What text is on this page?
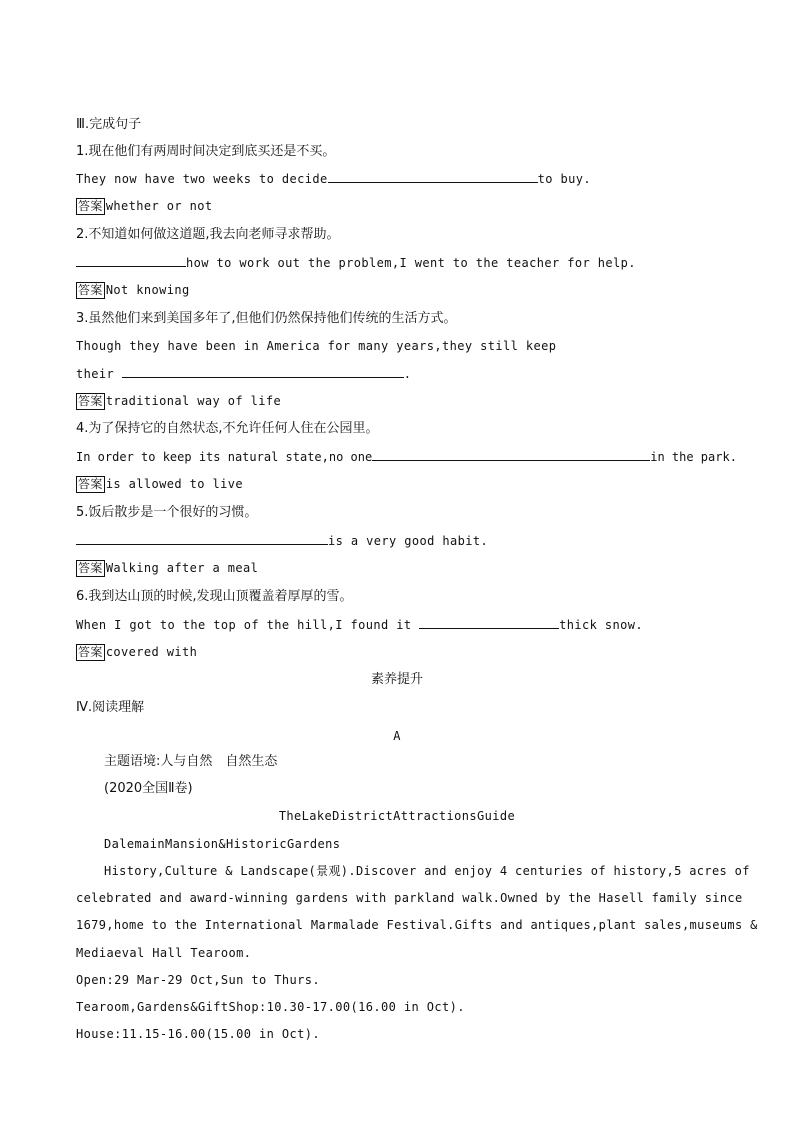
Ⅲ.完成句子
1.现在他们有两周时间决定到底买还是不买。
They now have two weeks to decide	to buy.
答案 whether or not
2.不知道如何做这道题,我去向老师寻求帮助。
how to work out the problem,I went to the teacher for help.
答案 Not knowing
3.虽然他们来到美国多年了,但他们仍然保持他们传统的生活方式。
Though they have been in America for many years,they still keep
their	.
答案 traditional way of life
4.为了保持它的自然状态,不允许任何人住在公园里。
In order to keep its natural state,no one	in the park.
答案 is allowed to live
5.饭后散步是一个很好的习惯。
is a very good habit.
答案 Walking after a meal
6.我到达山顶的时候,发现山顶覆盖着厚厚的雪。
When I got to the top of the hill,I found it	thick snow.
答案 covered with
素养提升
Ⅳ.阅读理解
A
主题语境:人与自然　自然生态
(2020全国Ⅱ卷)
TheLakeDistrictAttractionsGuide
DalemainMansion&HistoricGardens
History,Culture & Landscape(景观).Discover and enjoy 4 centuries of history,5 acres of
celebrated and award-winning gardens with parkland walk.Owned by the Hasell family since
1679,home to the International Marmalade Festival.Gifts and antiques,plant sales,museums &
Mediaeval Hall Tearoom.
Open:29 Mar-29 Oct,Sun to Thurs.
Tearoom,Gardens&GiftShop:10.30-17.00(16.00 in Oct).
House:11.15-16.00(15.00 in Oct).
